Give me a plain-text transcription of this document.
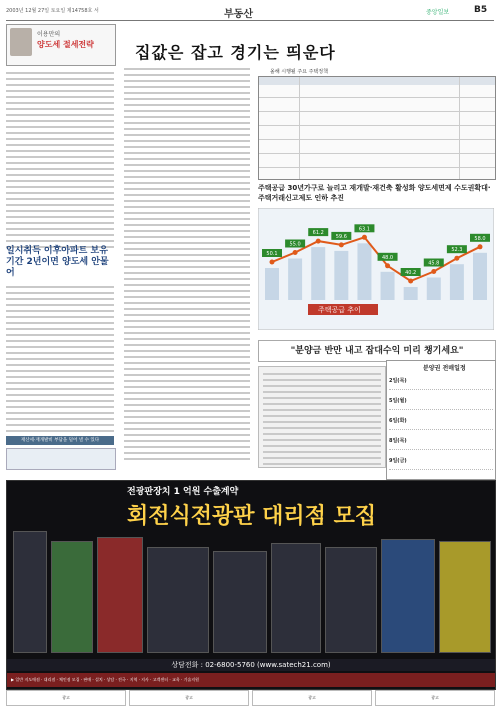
2003년 12월 27일 토요일 제14758호 서	부동산	중앙일보	B5
이용만의
양도세 절세전략
일시취득 이후아파트 보유기간 2년이면 양도세 안물어
재산세·재개발비 부담을 덜어 낼 수 있다
집값은 잡고 경기는 띄운다
올해 시행될 주요 주택정책
주택공급 30년가구로 늘리고 재개발·재건축 활성화 양도세면제 수도권확대·주택거래신고제도 인하 추진
50.1
55.0
61.2
59.6
63.1
48.0
40.2
45.8
52.3
58.0
주택공급 추이
"분양금 반만 내고 잡대수익 미리 챙기세요"
분양권 전매일정
2일(목)
5일(월)
6일(화)
8일(목)
9일(금)
전광판장치 1 억원 수출계약
회전식전광판 대리점 모집
상담전화 : 02-6800-5760 (www.satech21.com)
▶ 일반 지도매점 · 대리점 · 체인점 모집 · 판매 · 설치 · 상담 · 전국 · 지역 · 지사 · 고객센터 · 교육 · 기술지원
광고	광고	광고	광고
